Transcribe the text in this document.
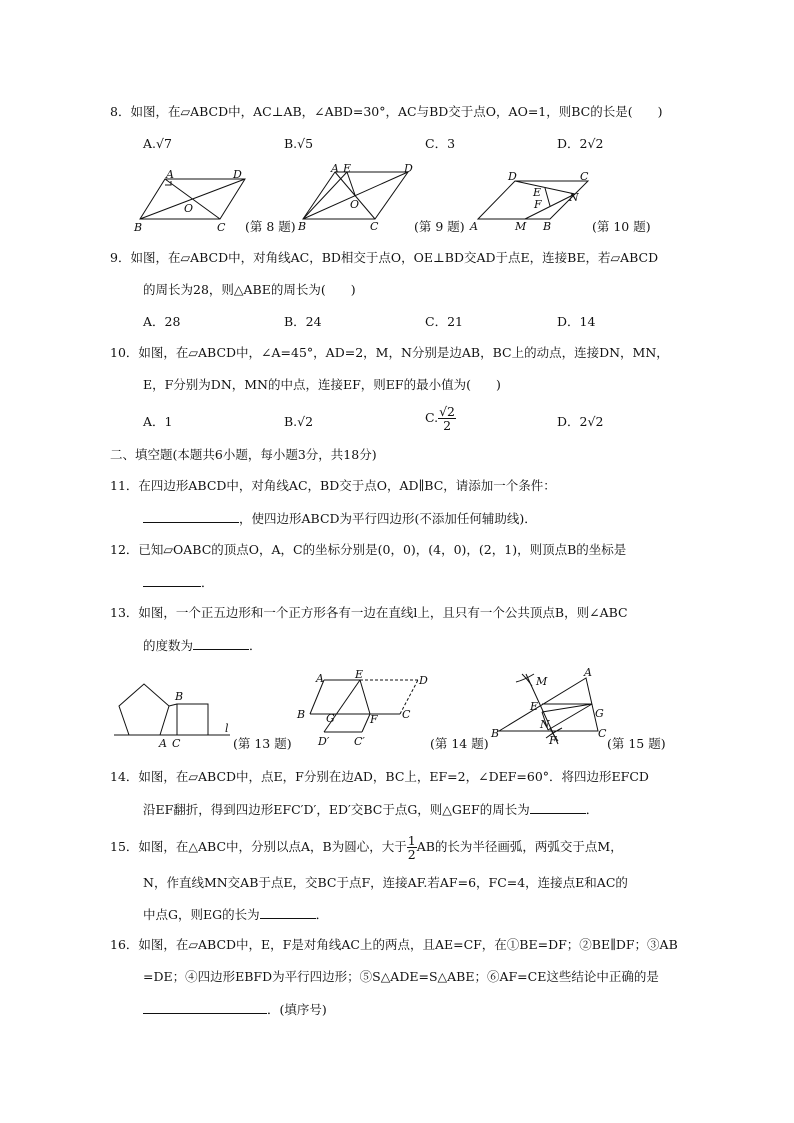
8．如图，在▱ABCD中，AC⊥AB，∠ABD=30°，AC与BD交于点O，AO=1，则BC的长是(　　)
A.√7	B.√5	C．3	D．2√2
A	D
O
B	C (第 8 题)
A E	D
O
B	C	(第 9 题)
D	C
E	N
F
A	M B	(第 10 题)
9．如图，在▱ABCD中，对角线AC，BD相交于点O，OE⊥BD交AD于点E，连接BE，若▱ABCD
的周长为28，则△ABE的周长为(　　)
A．28	B．24	C．21	D．14
10．如图，在▱ABCD中，∠A=45°，AD=2，M，N分别是边AB，BC上的动点，连接DN，MN，
E，F分别为DN，MN的中点，连接EF，则EF的最小值为(　　)
A．1	B.√2	C. $\frac{√2}{2}$	D．2√2
二、填空题(本题共6小题，每小题3分，共18分)
11．在四边形ABCD中，对角线AC，BD交于点O，AD∥BC，请添加一个条件：
，使四边形ABCD为平行四边形(不添加任何辅助线)．
12．已知▱OABC的顶点O，A，C的坐标分别是(0，0)，(4，0)，(2，1)，则顶点B的坐标是
．
13．如图，一个正五边形和一个正方形各有一边在直线l上，且只有一个公共顶点B，则∠ABC
的度数为	．
B
A C
l
(第 13 题)
A	E	D
B G	F C
D′ C′	(第 14 题)
M
A
E
G
N
B
F
C
(第 15 题)
14．如图，在▱ABCD中，点E，F分别在边AD，BC上，EF=2，∠DEF=60°．将四边形EFCD
沿EF翻折，得到四边形EFC′D′，ED′交BC于点G，则△GEF的周长为	．
15．如图，在△ABC中，分别以点A，B为圆心，大于 $\frac{1}{2}$ AB的长为半径画弧，两弧交于点M，
N，作直线MN交AB于点E，交BC于点F，连接AF.若AF=6，FC=4，连接点E和AC的
中点G，则EG的长为	．
16．如图，在▱ABCD中，E，F是对角线AC上的两点，且AE=CF，在①BE=DF；②BE∥DF；③AB
=DE；④四边形EBFD为平行四边形；⑤S△ADE=S△ABE；⑥AF=CE这些结论中正确的是
．(填序号)
